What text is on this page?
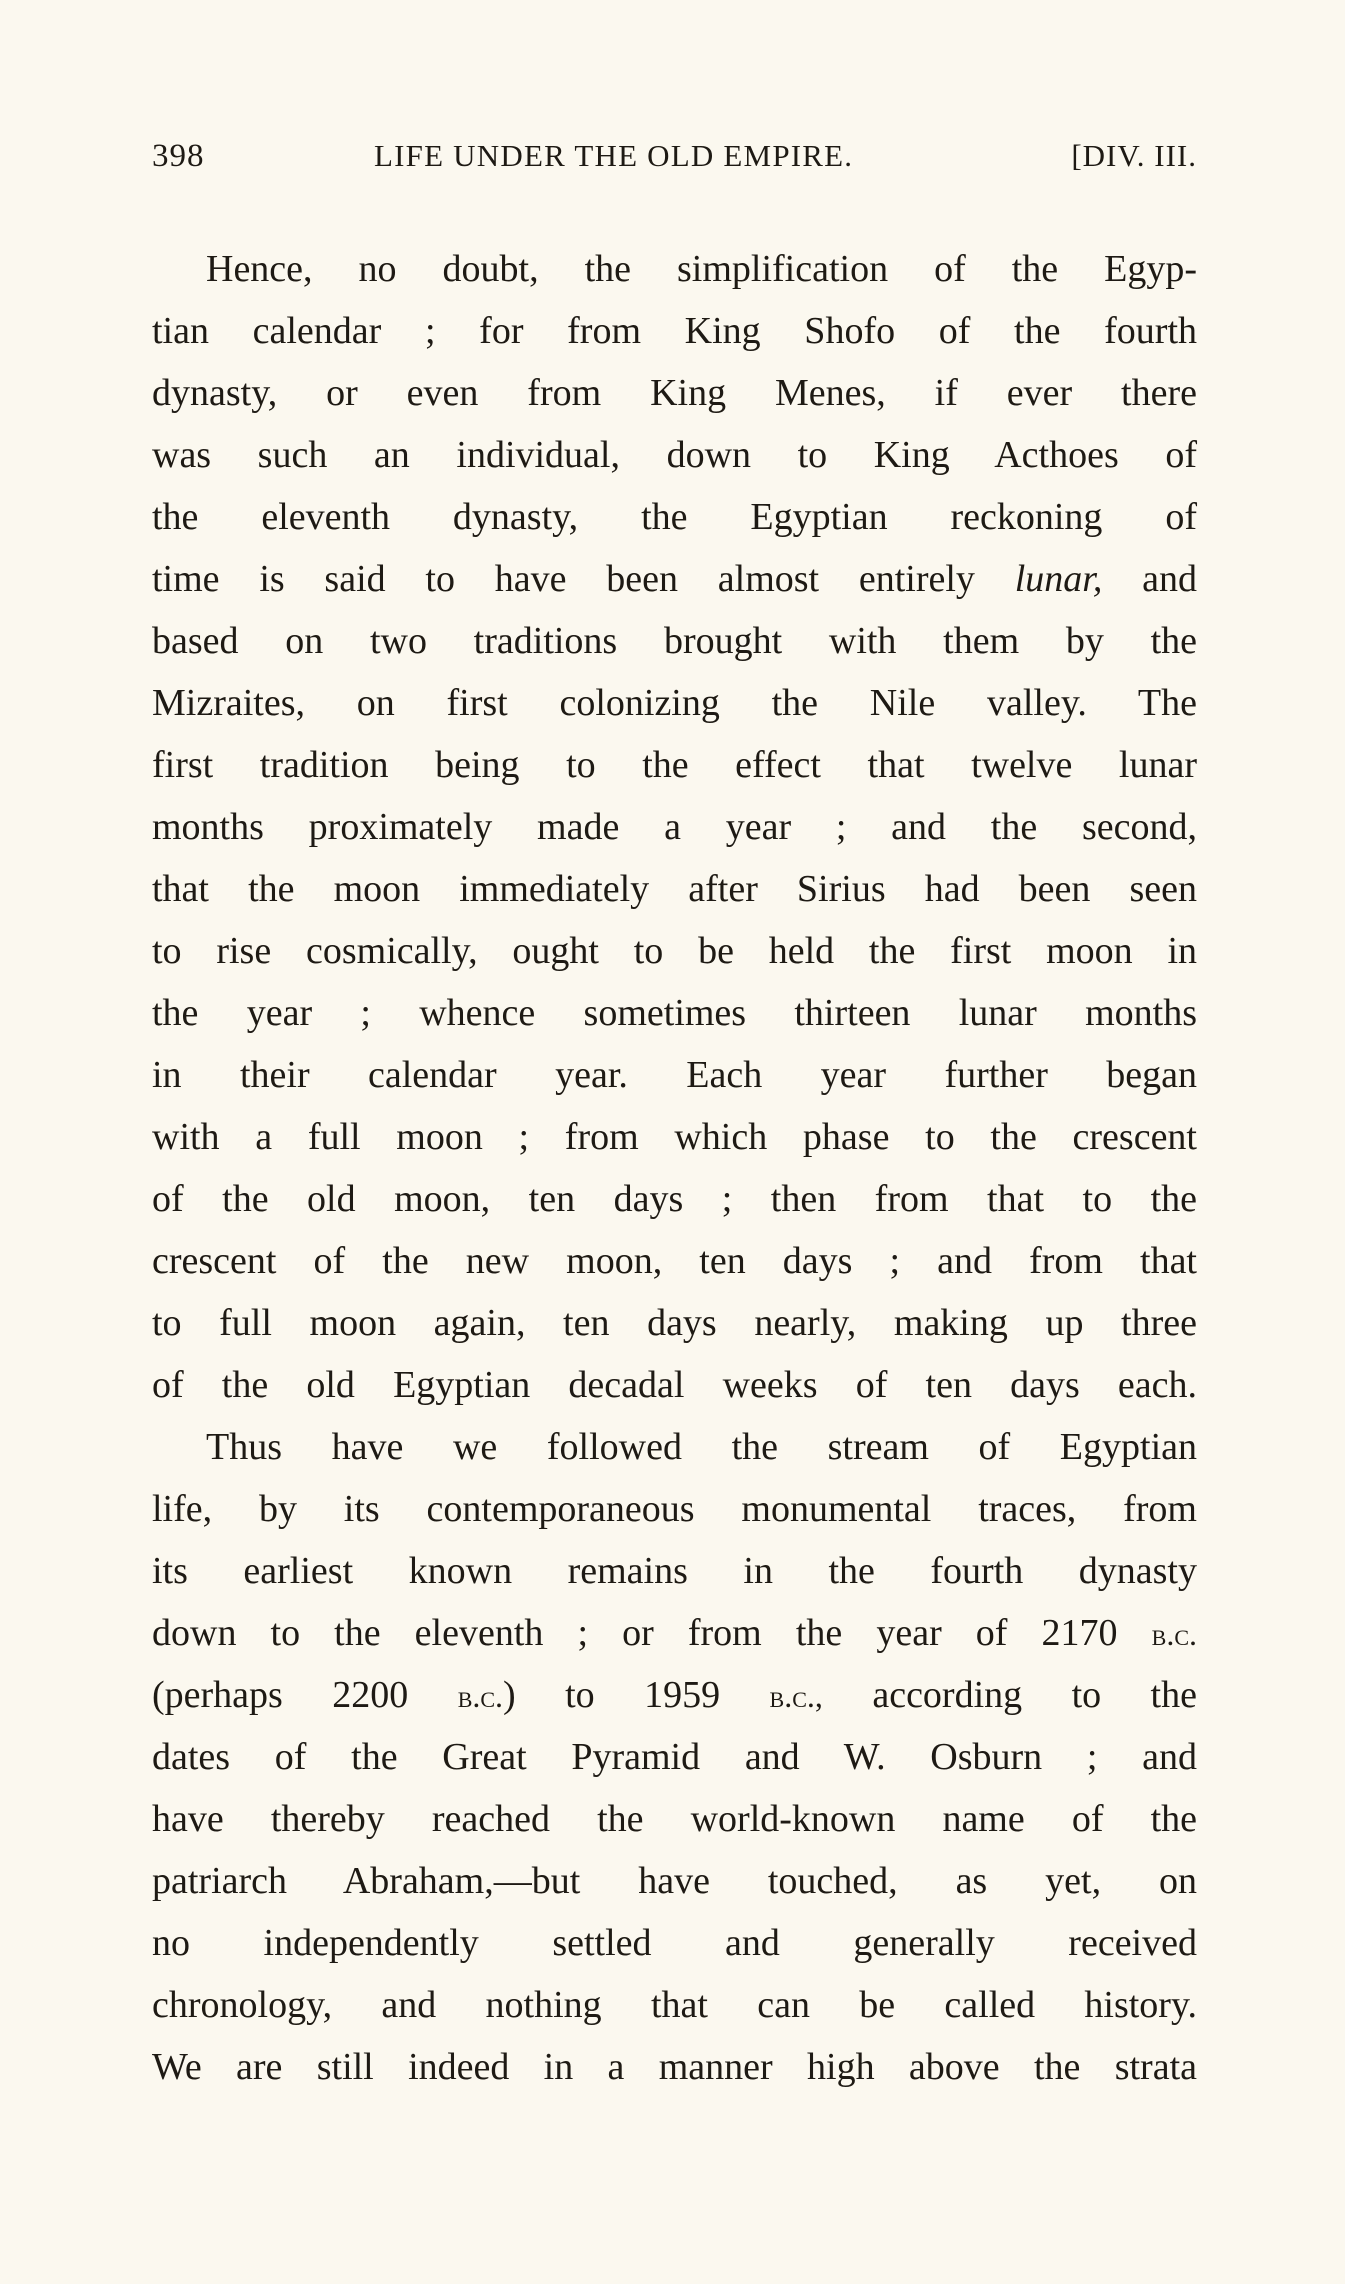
398	LIFE UNDER THE OLD EMPIRE.	[DIV. III.
Hence, no doubt, the simplification of the Egyp-
tian calendar ; for from King Shofo of the fourth
dynasty, or even from King Menes, if ever there
was such an individual, down to King Acthoes of
the eleventh dynasty, the Egyptian reckoning of
time is said to have been almost entirely lunar, and
based on two traditions brought with them by the
Mizraites, on first colonizing the Nile valley. The
first tradition being to the effect that twelve lunar
months proximately made a year ; and the second,
that the moon immediately after Sirius had been seen
to rise cosmically, ought to be held the first moon in
the year ; whence sometimes thirteen lunar months
in their calendar year. Each year further began
with a full moon ; from which phase to the crescent
of the old moon, ten days ; then from that to the
crescent of the new moon, ten days ; and from that
to full moon again, ten days nearly, making up three
of the old Egyptian decadal weeks of ten days each.
Thus have we followed the stream of Egyptian
life, by its contemporaneous monumental traces, from
its earliest known remains in the fourth dynasty
down to the eleventh ; or from the year of 2170 b.c.
(perhaps 2200 b.c.) to 1959 b.c., according to the
dates of the Great Pyramid and W. Osburn ; and
have thereby reached the world-known name of the
patriarch Abraham,—but have touched, as yet, on
no independently settled and generally received
chronology, and nothing that can be called history.
We are still indeed in a manner high above the strata
